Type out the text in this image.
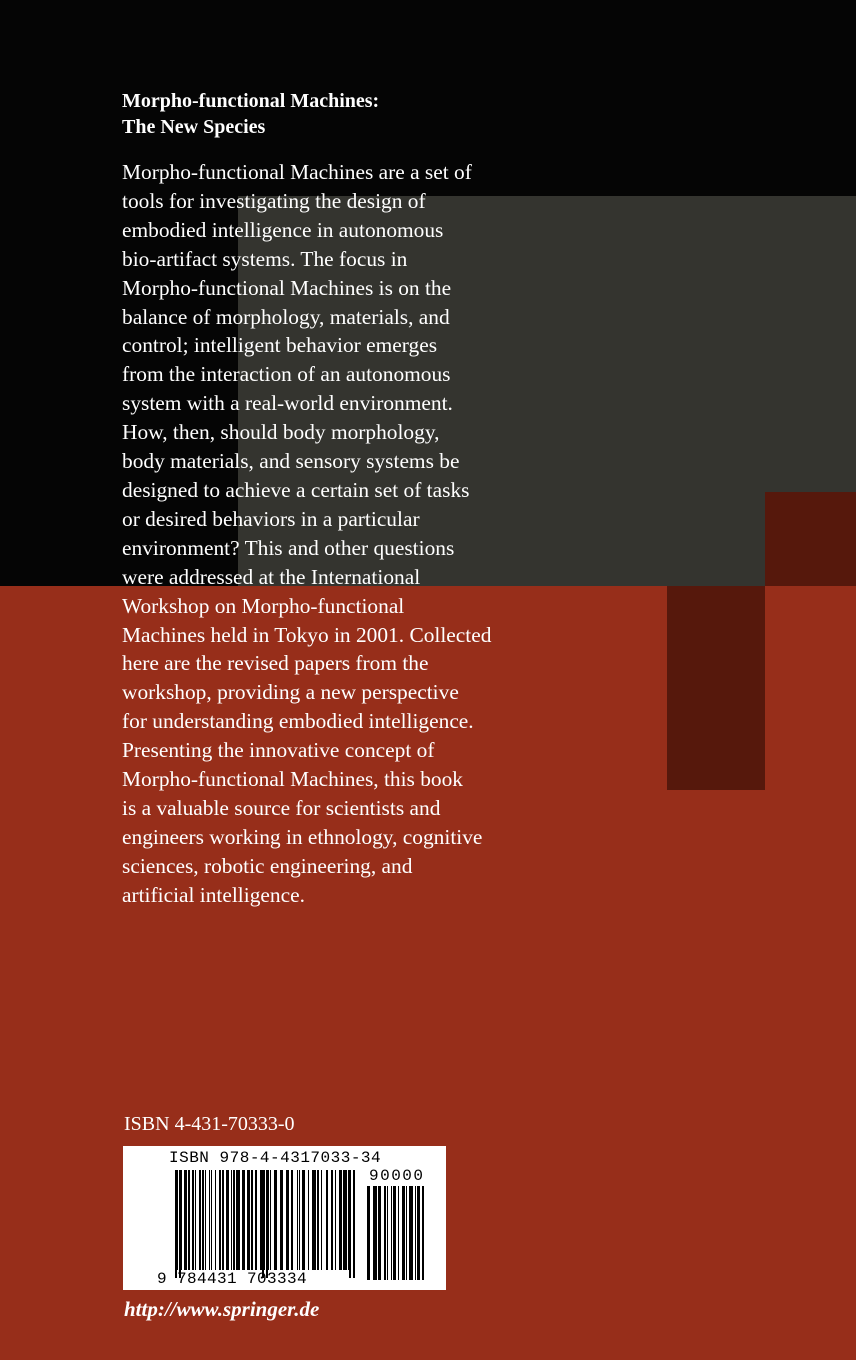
Morpho-functional Machines:
The New Species

Morpho-functional Machines are a set of
tools for investigating the design of
embodied intelligence in autonomous
bio-artifact systems. The focus in
Morpho-functional Machines is on the
balance of morphology, materials, and
control; intelligent behavior emerges
from the interaction of an autonomous
system with a real-world environment.
How, then, should body morphology,
body materials, and sensory systems be
designed to achieve a certain set of tasks
or desired behaviors in a particular
environment? This and other questions
were addressed at the International
Workshop on Morpho-functional
Machines held in Tokyo in 2001. Collected
here are the revised papers from the
workshop, providing a new perspective
for understanding embodied intelligence.
Presenting the innovative concept of
Morpho-functional Machines, this book
is a valuable source for scientists and
engineers working in ethnology, cognitive
sciences, robotic engineering, and
artificial intelligence.

ISBN 4-431-70333-0
ISBN 978-4-4317033-34
90000
9 784431 703334
http://www.springer.de
